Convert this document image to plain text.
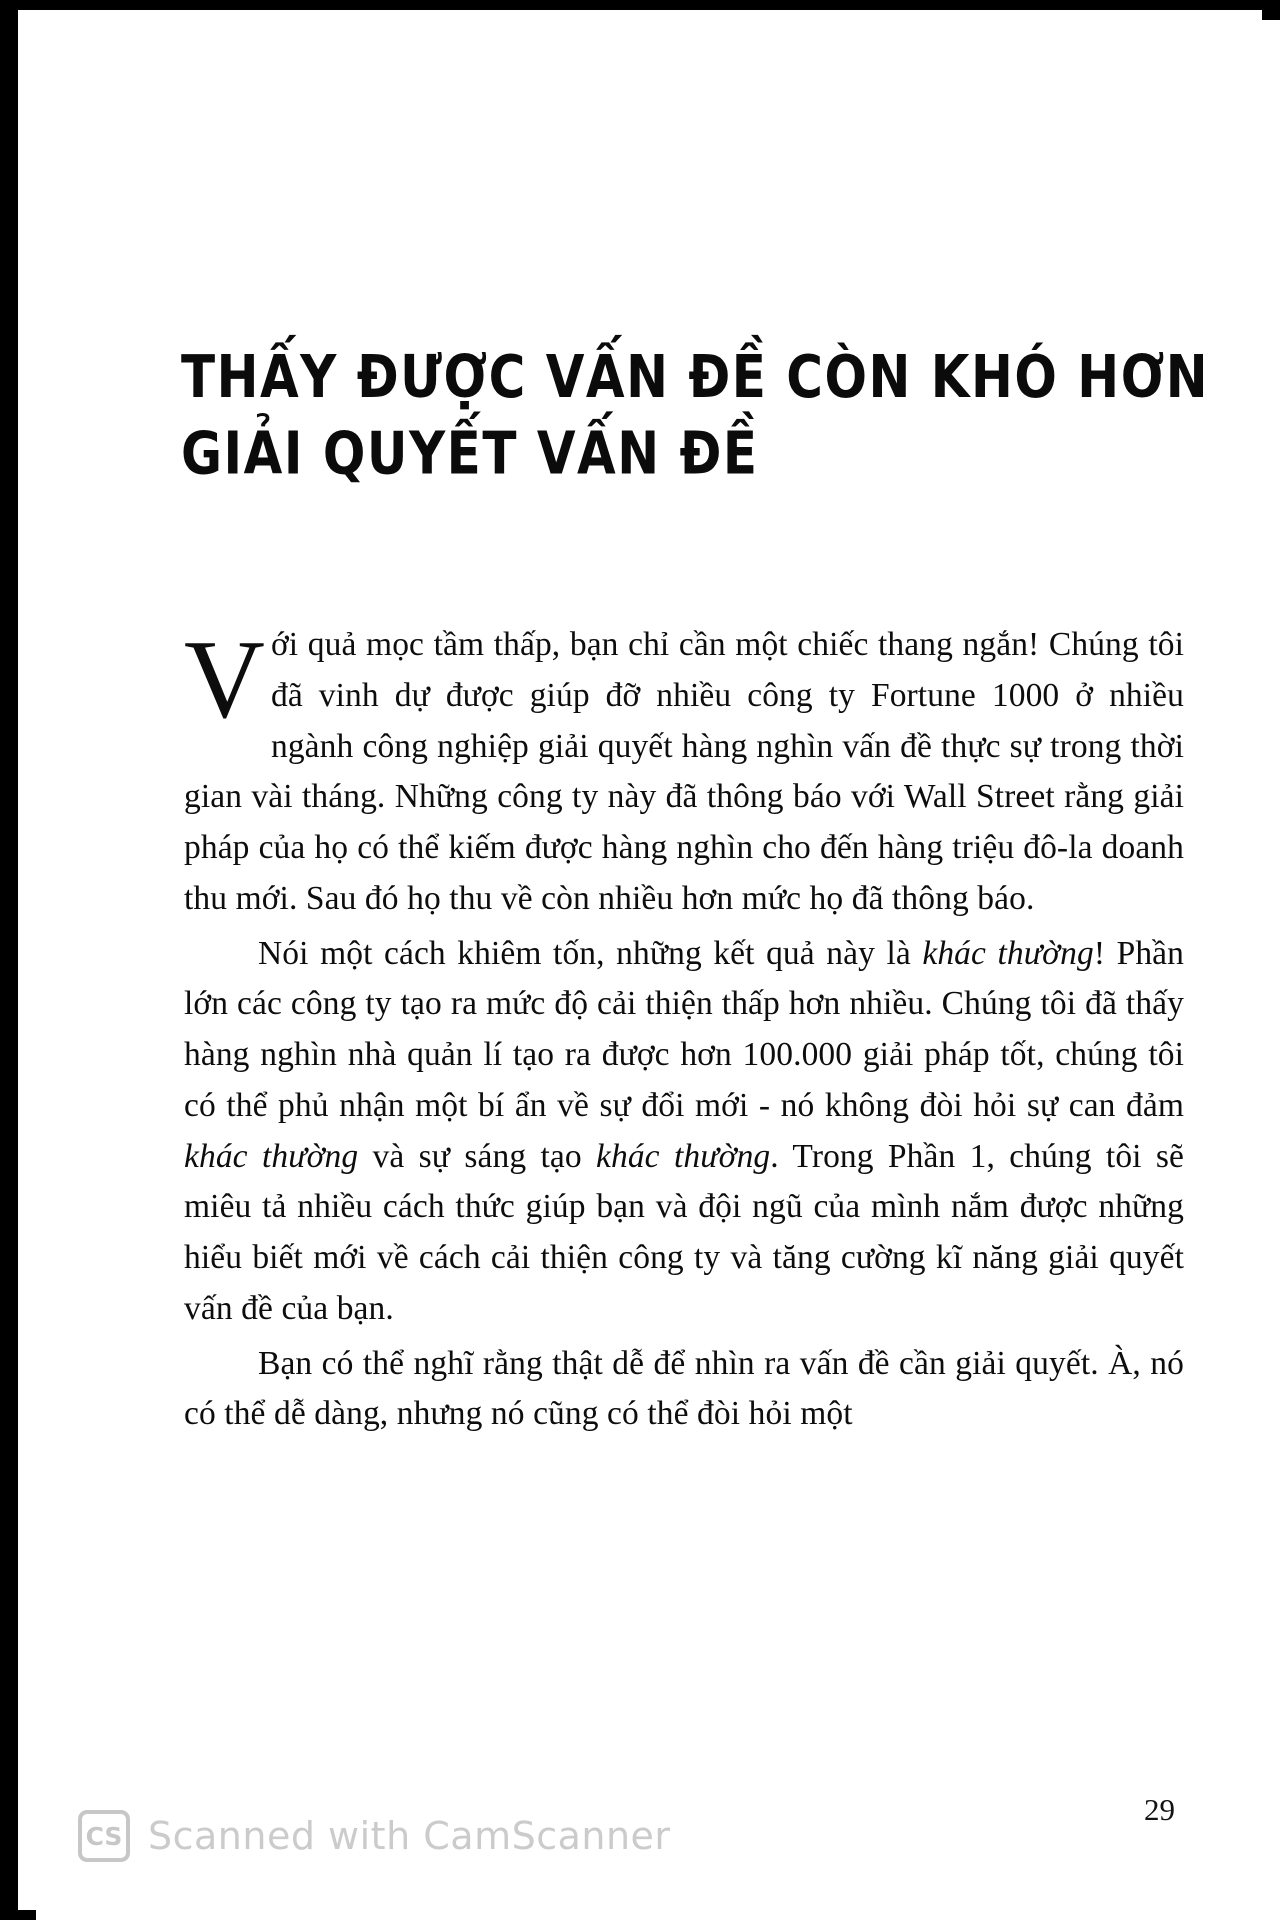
THẤY ĐƯỢC VẤN ĐỀ CÒN KHÓ HƠN
GIẢI QUYẾT VẤN ĐỀ

Với quả mọc tầm thấp, bạn chỉ cần một chiếc thang ngắn! Chúng tôi đã vinh dự được giúp đỡ nhiều công ty Fortune 1000 ở nhiều ngành công nghiệp giải quyết hàng nghìn vấn đề thực sự trong thời gian vài tháng. Những công ty này đã thông báo với Wall Street rằng giải pháp của họ có thể kiếm được hàng nghìn cho đến hàng triệu đô-la doanh thu mới. Sau đó họ thu về còn nhiều hơn mức họ đã thông báo.

Nói một cách khiêm tốn, những kết quả này là khác thường! Phần lớn các công ty tạo ra mức độ cải thiện thấp hơn nhiều. Chúng tôi đã thấy hàng nghìn nhà quản lí tạo ra được hơn 100.000 giải pháp tốt, chúng tôi có thể phủ nhận một bí ẩn về sự đổi mới - nó không đòi hỏi sự can đảm khác thường và sự sáng tạo khác thường. Trong Phần 1, chúng tôi sẽ miêu tả nhiều cách thức giúp bạn và đội ngũ của mình nắm được những hiểu biết mới về cách cải thiện công ty và tăng cường kĩ năng giải quyết vấn đề của bạn.

Bạn có thể nghĩ rằng thật dễ để nhìn ra vấn đề cần giải quyết. À, nó có thể dễ dàng, nhưng nó cũng có thể đòi hỏi một

29
CS Scanned with CamScanner
